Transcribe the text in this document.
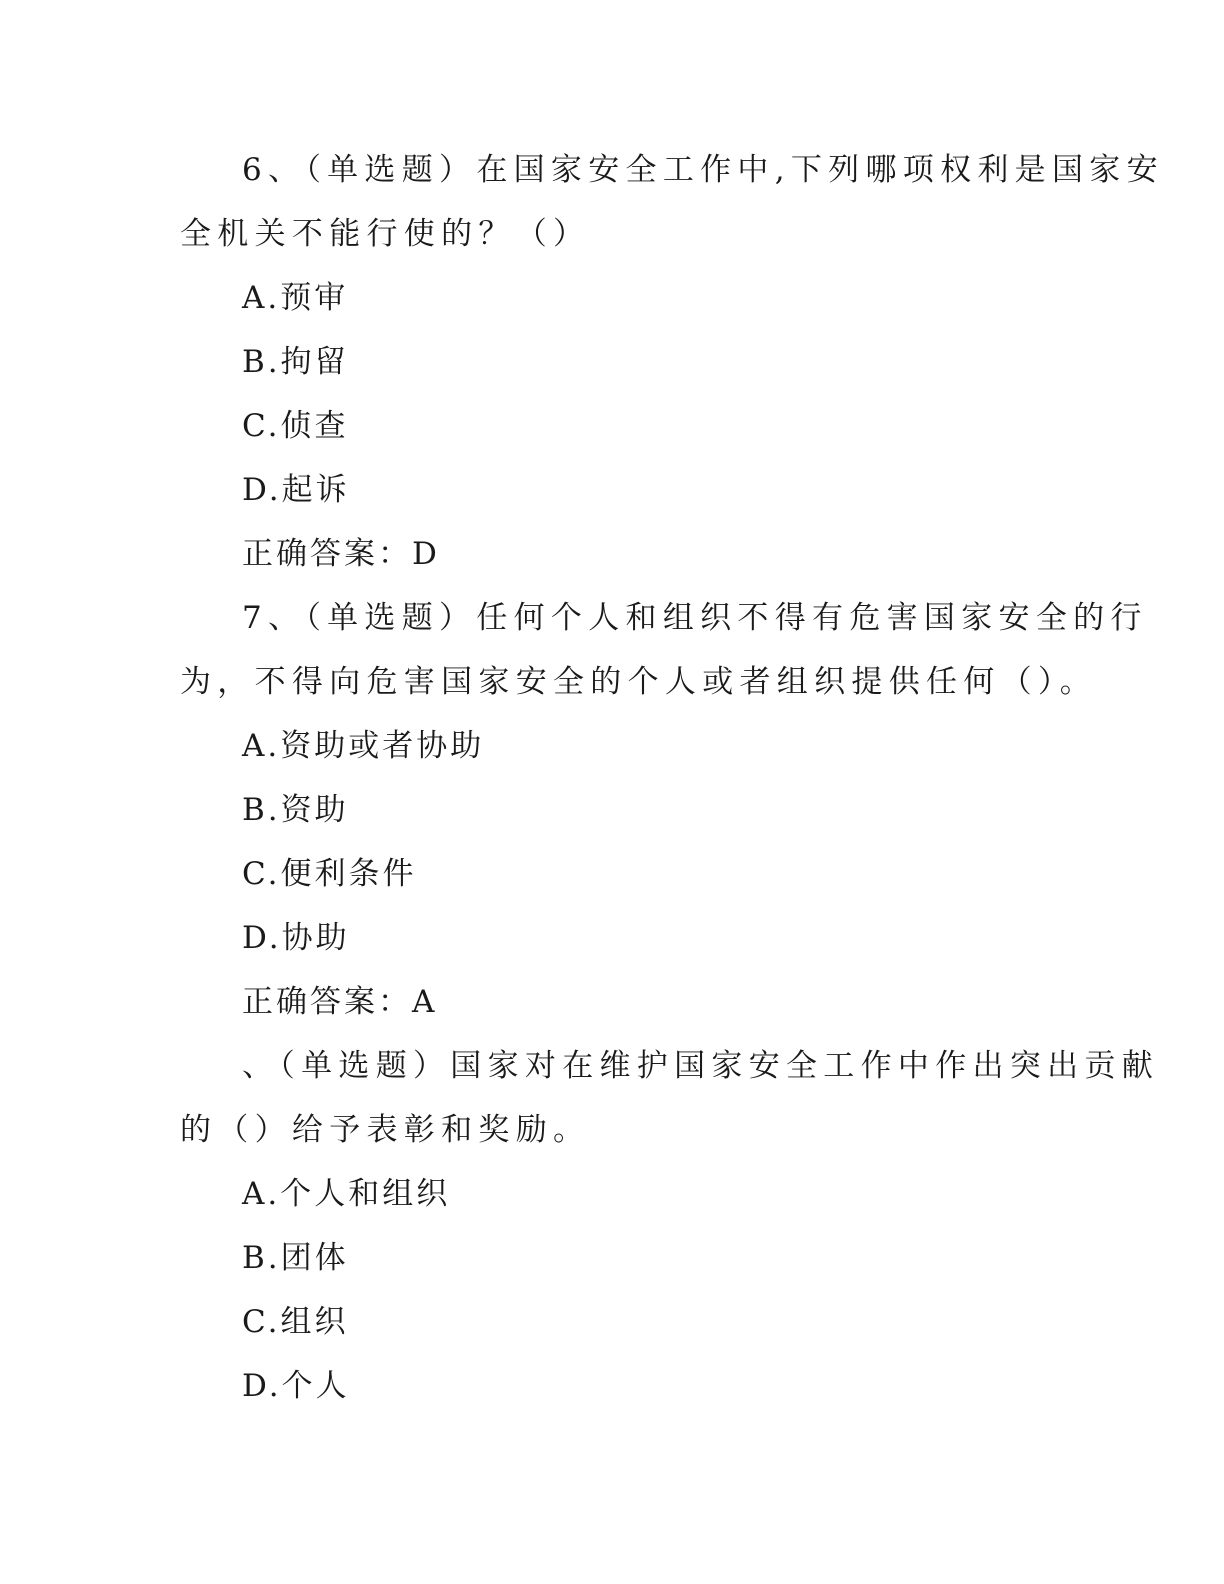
6、（单选题）在国家安全工作中,下列哪项权利是国家安
全机关不能行使的？（）
A.预审
B.拘留
C.侦查
D.起诉
正确答案：D
7、（单选题）任何个人和组织不得有危害国家安全的行
为，不得向危害国家安全的个人或者组织提供任何（）。
A.资助或者协助
B.资助
C.便利条件
D.协助
正确答案：A
、（单选题）国家对在维护国家安全工作中作出突出贡献
的（）给予表彰和奖励。
A.个人和组织
B.团体
C.组织
D.个人
